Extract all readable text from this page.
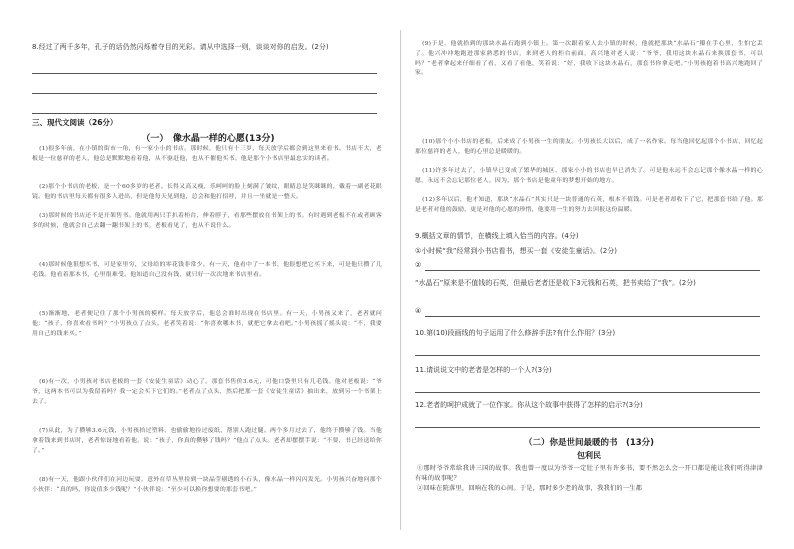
8.经过了两千多年，孔子的话仍然闪烁着夺目的光彩。请从中选择一则，谈谈对你的启发。(2分)
三、现代文阅读（26分）
（一）　像水晶一样的心愿(13分)

(1)很多年前，在小镇的街市一角，有一家小小的书店。那时候，他只有十三岁，每天放学后都会到这里来看书。书店不大，老板是一位慈祥的老人，他总是默默地看着他，从不驱赶他，也从不催他买书。他是那个小书店里最忠实的读者。

(2)那个小书店的老板，是一个60多岁的老者。长得又高又瘦，乐呵呵的脸上刻满了皱纹，眼睛总是笑眯眯的，戴着一副老花眼镜。他的书店里每天都有很多人进出，但是他每天见到他，总会和他打招呼，并且一坐就是一整天。

(3)那时候的书店还不是开架售书。他就用两只手扒着柜台，伸着脖子，看那些摆放在书架上的书。有时遇到老板不在或者顾客多的时候，他就会自己去翻一翻书架上的书。老板看见了，也从不说什么。

(4)那时候他很想买书，可是家里穷，父母给的零花钱非常少。有一天，他看中了一本书，他很想把它买下来，可是他只攒了几毛钱。他看着那本书，心里很难受。他知道自己没有钱，就只好一次次地来书店里看。

(5)渐渐地，老者便记住了那个小男孩的模样。每天放学后，他总会准时出现在书店里。有一天，小男孩又来了，老者就问他：“孩子，你喜欢看书吗？”小男孩点了点头。老者笑着说：“你喜欢哪本书，就把它拿去看吧。”小男孩摇了摇头说：“不，我要用自己的钱来买。”

(6)有一次，小男孩对书店老板的一套《安徒生童话》动心了。那套书售价3.6元，可他口袋里只有几毛钱。他对老板说：“爷爷，这两本书可以为我留着吗？我一定会买下它们的。”老者点了点头，然后把那一套《安徒生童话》抽出来，放到另一个书架上去了。

(7)从此，为了攒够3.6元钱，小男孩拾过塑料，也偷偷地捡过废纸，帮别人跑过腿。两个多月过去了，他终于攒够了钱。当他拿着钱来到书店时，老者惊讶地看着他，说：“孩子，你真的攒够了钱吗？”他点了点头。老者却摆摆手说：“不要，书已经送给你了。”

(8)有一天，他跟小伙伴们在河边玩耍，意外在草丛里捡到一块晶莹剔透的小石头，像水晶一样闪闪发光。小男孩兴奋地问那个小伙伴：“真的吗，你说值多少钱呢？”小伙伴说：“至少可以换你想要的那套书吧。”

(9)于是，他就拾到的那块水晶石跑到小镇上。第一次跟着家人去小镇的时候，他就把那块“水晶石”攥在手心里，生怕它丢了。他兴冲冲地跑进那家熟悉的书店，来到老人的柜台前面，高兴地对老人说：“爷爷，我用这块水晶石来换那套书，可以吗？”老者拿起来仔细看了看，又看了看他，笑着说：“好，我收下这块水晶石，那套书你拿走吧。”小男孩抱着书高兴地跑回了家。

(10)那个小小书店的老板，后来成了小男孩一生的朋友。小男孩长大以后，成了一名作家。每当他回忆起那个小书店，回忆起那位慈祥的老人，他的心里总是暖暖的。

(11)许多年过去了，小镇早已变成了繁华的城区，那家小小的书店也早已消失了。可是他永远不会忘记那个像水晶一样的心愿，永远不会忘记那位老人。因为，那个书店是他童年的梦想开始的地方。

(12)多年以后，他才知道，那块“水晶石”其实只是一块普通的石英，根本不值钱。可是老者却收下了它，把那套书给了他。那是老者对他的鼓励，更是对他的心愿的珍惜，他要用一生的努力去回报这份温暖。

9.概括文章的情节，在横线上填入恰当的内容。(4分)
①小时候“我”经常到小书店看书，想买一套《安徒生童话》。(2分)
②
“水晶石”原来是不值钱的石英，但最后老者还是收下3元钱和石英，把书卖给了“我”。(2分)
④
10.第(10)段画线的句子运用了什么修辞手法?有什么作用？(3分)
11.请说说文中的老者是怎样的一个人?(3分)
12.老者的呵护成就了一位作家。你从这个故事中获得了怎样的启示?(3分)
（二）你是世间最暖的书　(13分)
包利民

①那时爷爷常给我讲三国的故事。我也曾一度以为爷爷一定肚子里有许多书，要不然怎么会一开口都是能让我们听得津津有味的故事呢？

②回味在院落里，回响在我的心间。于是，那时多少老的故事，我我们的一生都
